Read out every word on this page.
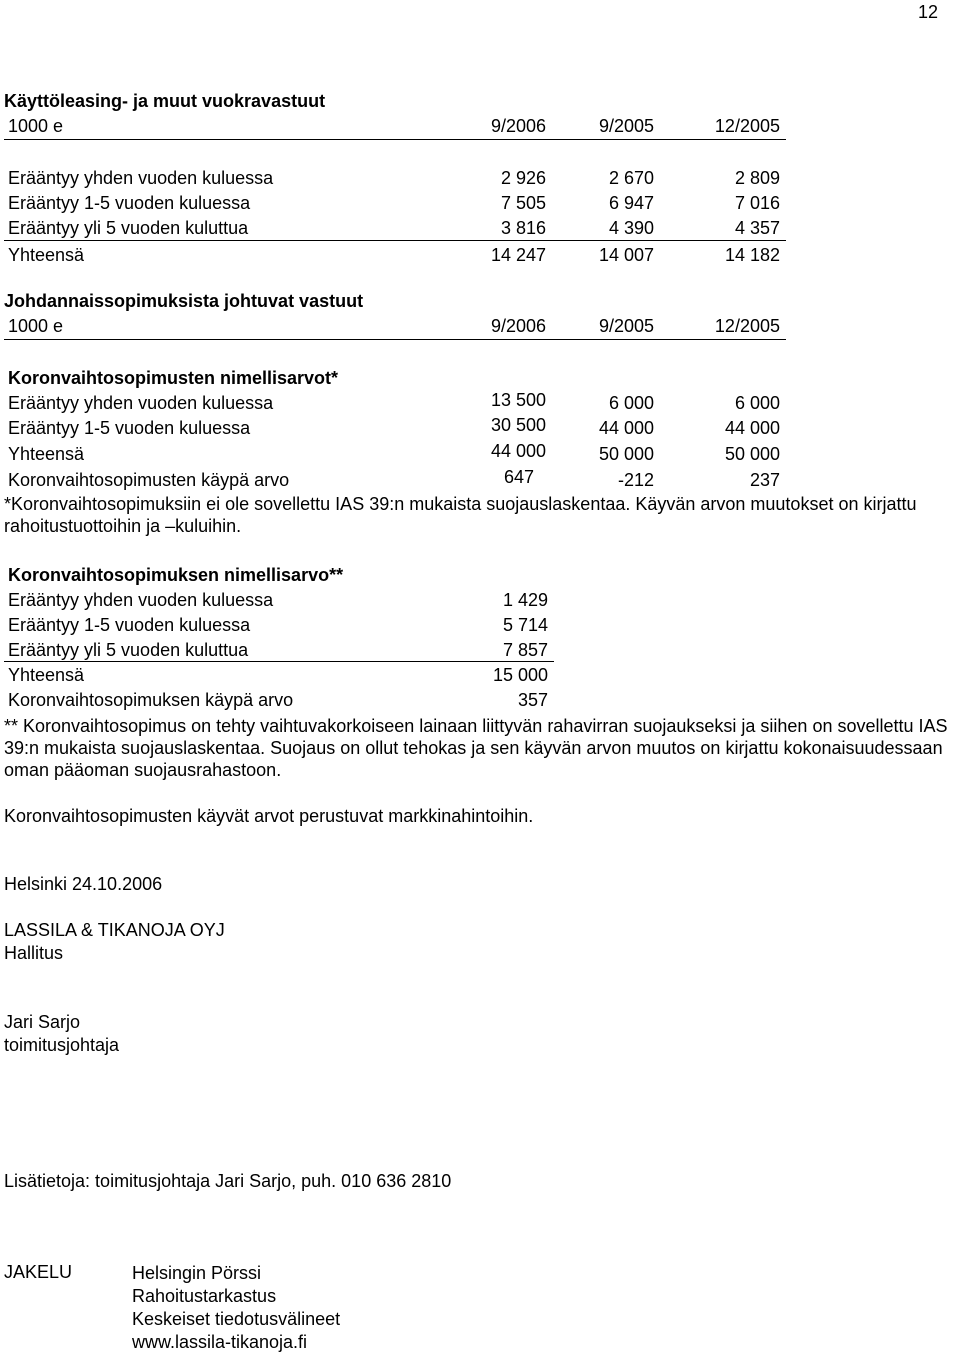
12
Käyttöleasing- ja muut vuokravastuut
1000 e	9/2006	9/2005	12/2005
Erääntyy yhden vuoden kuluessa	2 926	2 670	2 809
Erääntyy 1-5 vuoden kuluessa	7 505	6 947	7 016
Erääntyy yli 5 vuoden kuluttua	3 816	4 390	4 357
Yhteensä	14 247	14 007	14 182
Johdannaissopimuksista johtuvat vastuut
1000 e	9/2006	9/2005	12/2005
Koronvaihtosopimusten nimellisarvot*
Erääntyy yhden vuoden kuluessa	13 500	6 000	6 000
Erääntyy 1-5 vuoden kuluessa	30 500	44 000	44 000
Yhteensä	44 000	50 000	50 000
Koronvaihtosopimusten käypä arvo	647	-212	237
*Koronvaihtosopimuksiin ei ole sovellettu IAS 39:n mukaista suojauslaskentaa. Käyvän arvon muutokset on kirjattu rahoitustuottoihin ja –kuluihin.
Koronvaihtosopimuksen nimellisarvo**
Erääntyy yhden vuoden kuluessa	1 429
Erääntyy 1-5 vuoden kuluessa	5 714
Erääntyy yli 5 vuoden kuluttua	7 857
Yhteensä	15 000
Koronvaihtosopimuksen käypä arvo	357
** Koronvaihtosopimus on tehty vaihtuvakorkoiseen lainaan liittyvän rahavirran suojaukseksi ja siihen on sovellettu IAS 39:n mukaista suojauslaskentaa. Suojaus on ollut tehokas ja sen käyvän arvon muutos on kirjattu kokonaisuudessaan oman pääoman suojausrahastoon.
Koronvaihtosopimusten käyvät arvot perustuvat markkinahintoihin.
Helsinki 24.10.2006
LASSILA & TIKANOJA OYJ
Hallitus
Jari Sarjo
toimitusjohtaja
Lisätietoja: toimitusjohtaja Jari Sarjo, puh. 010 636 2810
JAKELU	Helsingin Pörssi
Rahoitustarkastus
Keskeiset tiedotusvälineet
www.lassila-tikanoja.fi
